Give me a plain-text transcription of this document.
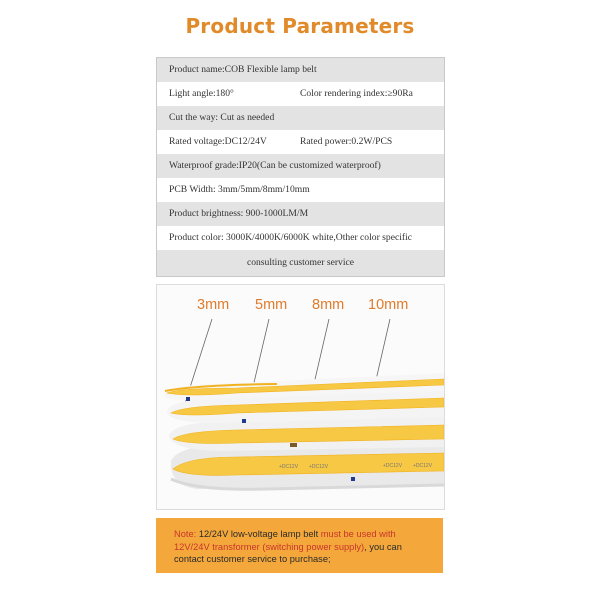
Product Parameters
Product name:COB Flexible lamp belt
Light angle:180°	Color rendering index:≥90Ra
Cut the way: Cut as needed
Rated voltage:DC12/24V	Rated power:0.2W/PCS
Waterproof grade:IP20(Can be customized waterproof)
PCB Width: 3mm/5mm/8mm/10mm
Product brightness: 900-1000LM/M
Product color: 3000K/4000K/6000K white,Other color specific
consulting customer service
+DC12V +DC12V	+DC12V +DC12V
3mm 5mm 8mm 10mm
Note: 12/24V low-voltage lamp belt must be used with 12V/24V transformer (switching power supply), you can contact customer service to purchase;
